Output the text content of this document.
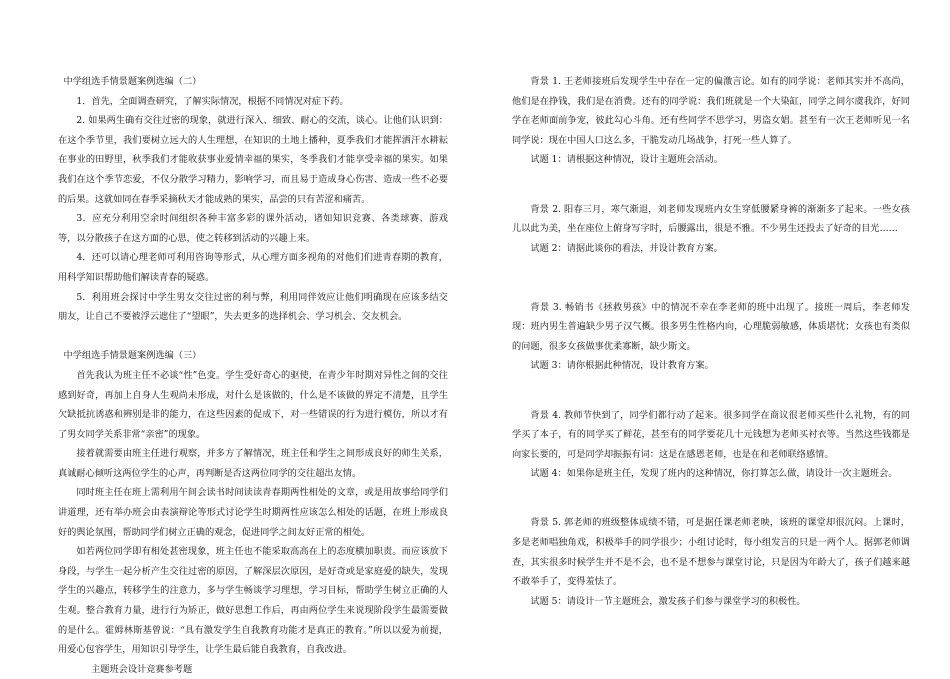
中学组选手情景题案例选编（二）

1．首先，全面调查研究，了解实际情况，根据不同情况对症下药。

2. 如果两生确有交往过密的现象，就进行深入、细致、耐心的交流，谈心。让他们认识到：在这个季节里，我们要树立远大的人生理想，在知识的土地上播种，夏季我们才能挥洒汗水耕耘在事业的田野里，秋季我们才能收获事业爱情幸福的果实，冬季我们才能享受幸福的果实。如果我们在这个季节恋爱，不仅分散学习精力，影响学习，而且易于造成身心伤害、造成一些不必要的后果。这就如同在春季采摘秋天才能成熟的果实，品尝的只有苦涩和痛苦。

3．应充分利用空余时间组织各种丰富多彩的课外活动，诸如知识竞赛、各类球赛、游戏等，以分散孩子在这方面的心思，使之转移到活动的兴趣上来。

4．还可以请心理老师可利用咨询等形式，从心理方面多视角的对他们们进青春期的教育，用科学知识帮助他们解读青春的疑惑。

5．利用班会探讨中学生男女交往过密的利与弊，利用同伴效应让他们明确现在应该多结交朋友，让自己不要被浮云遮住了“望眼”，失去更多的选择机会、学习机会、交友机会。

中学组选手情景题案例选编（三）

首先我认为班主任不必谈“性”色变。学生受好奇心的驱使，在青少年时期对异性之间的交往感到好奇，再加上自身人生观尚未形成，对什么是该做的，什么是不该做的界定不清楚，且学生欠缺抵抗诱惑和辨别是非的能力，在这些因素的促成下，对一些错误的行为进行模仿，所以才有了男女同学关系非常“亲密”的现象。

接着就需要由班主任进行观察，并多方了解情况，班主任和学生之间形成良好的师生关系，真诚耐心倾听这两位学生的心声，再判断是否这两位同学的交往超出友情。

同时班主任在班上需利用午间会读书时间读读青春期两性相处的文章，或是用故事给同学们讲道理，还有举办班会由表演辩论等形式讨论学生时期两性应该怎么相处的话题，在班上形成良好的舆论氛围，帮助同学们树立正确的观念，促进同学之间友好正常的相处。

如若两位同学即有相处甚密现象，班主任也不能采取高高在上的态度横加职责。而应该放下身段，与学生一起分析产生交往过密的原因，了解深层次原因，是好奇或是家庭爱的缺失，发现学生的兴趣点，转移学生的注意力，多与学生畅谈学习理想，学习目标，帮助学生树立正确的人生观。整合教育力量，进行行为矫正，做好思想工作后，再由两位学生来说现阶段学生最需要做的是什么。霍姆林斯基曾说：“具有激发学生自我教育功能才是真正的教育。”所以以爱为前提，用爱心包容学生，用知识引导学生，让学生最后能自我教育，自我改进。

主题班会设计竞赛参考题

背景 1. 王老师接班后发现学生中存在一定的偏激言论。如有的同学说：老师其实并不高尚，他们是在挣钱，我们是在消费。还有的同学说：我们班就是一个大染缸，同学之间尔虞我诈，好同学在老师面前争宠，彼此勾心斗角。还有些同学不思学习，男盗女娼。甚至有一次王老师听见一名同学说：现在中国人口这么多，干脆发动几场战争，打死一些人算了。

试题 1：请根据这种情况，设计主题班会活动。

背景 2. 阳春三月，寒气渐退，刘老师发现班内女生穿低腰紧身裤的渐渐多了起来。一些女孩儿以此为美，坐在座位上俯身写字时，后腰露出，很是不雅。不少男生还投去了好奇的目光……

试题 2：请据此谈你的看法，并设计教育方案。

背景 3. 畅销书《拯救男孩》中的情况不幸在李老师的班中出现了。接班一周后，李老师发现：班内男生普遍缺少男子汉气概。很多男生性格内向，心理脆弱敏感，体质堪忧；女孩也有类似的问题，很多女孩做事优柔寡断，缺少斯文。

试题 3：请你根据此种情况，设计教育方案。

背景 4. 教师节快到了，同学们都行动了起来。很多同学在商议很老师买些什么礼物，有的同学买了本子，有的同学买了鲜花，甚至有的同学要花几十元钱想为老师买衬衣等。当然这些钱都是向家长要的，可是同学却振振有词：这是在感恩老师，也是在和老师联络感情。

试题 4：如果你是班主任，发现了班内的这种情况，你打算怎么做，请设计一次主题班会。

背景 5. 郭老师的班级整体成绩不错，可是据任课老师老映，该班的课堂却很沉闷。上课时，多是老师唱独角戏，积极举手的同学很少；小组讨论时，每小组发言的只是一两个人。据郭老师调查，其实很多时候学生并不是不会，也不是不想参与课堂讨论，只是因为年龄大了，孩子们越来越不敢举手了，变得羞怯了。

试题 5：请设计一节主题班会，激发孩子们参与课堂学习的积极性。
